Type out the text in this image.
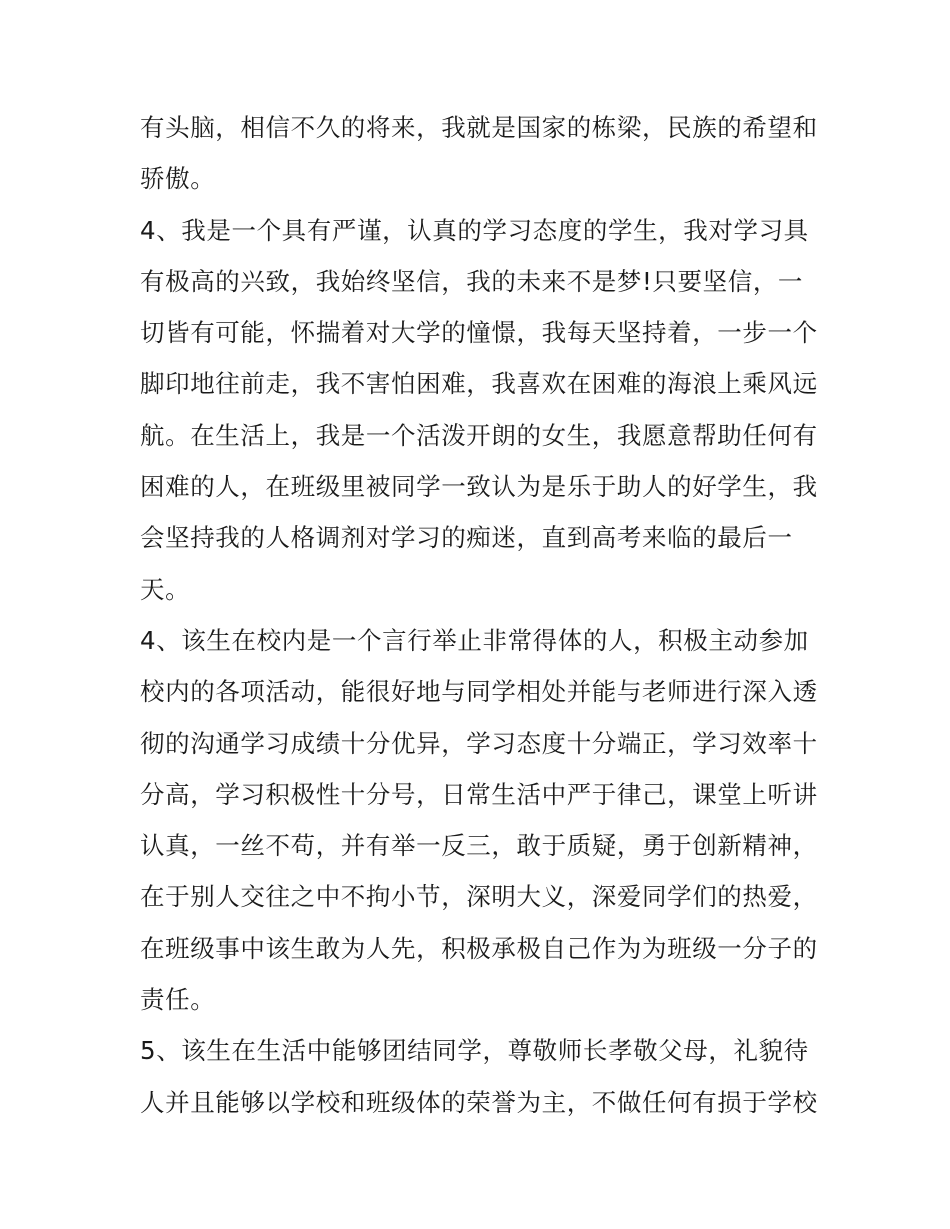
有头脑，相信不久的将来，我就是国家的栋梁，民族的希望和
骄傲。
4、我是一个具有严谨，认真的学习态度的学生，我对学习具
有极高的兴致，我始终坚信，我的未来不是梦!只要坚信，一
切皆有可能，怀揣着对大学的憧憬，我每天坚持着，一步一个
脚印地往前走，我不害怕困难，我喜欢在困难的海浪上乘风远
航。在生活上，我是一个活泼开朗的女生，我愿意帮助任何有
困难的人，在班级里被同学一致认为是乐于助人的好学生，我
会坚持我的人格调剂对学习的痴迷，直到高考来临的最后一
天。
4、该生在校内是一个言行举止非常得体的人，积极主动参加
校内的各项活动，能很好地与同学相处并能与老师进行深入透
彻的沟通学习成绩十分优异，学习态度十分端正，学习效率十
分高，学习积极性十分号，日常生活中严于律己，课堂上听讲
认真，一丝不苟，并有举一反三，敢于质疑，勇于创新精神，
在于别人交往之中不拘小节，深明大义，深爱同学们的热爱，
在班级事中该生敢为人先，积极承极自己作为为班级一分子的
责任。
5、该生在生活中能够团结同学，尊敬师长孝敬父母，礼貌待
人并且能够以学校和班级体的荣誉为主，不做任何有损于学校
